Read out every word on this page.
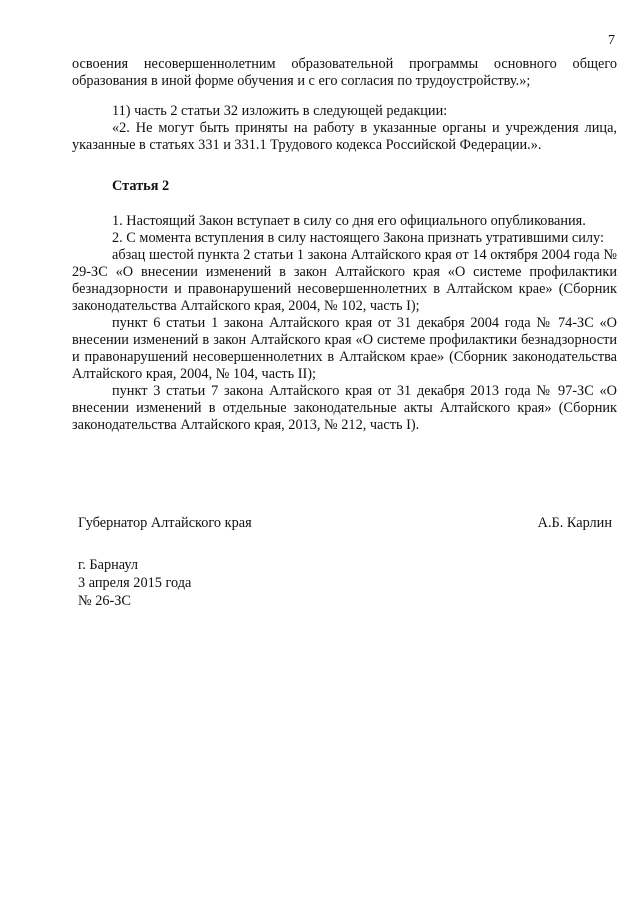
7

освоения несовершеннолетним образовательной программы основного общего образования в иной форме обучения и с его согласия по трудоустройству.»;

11) часть 2 статьи 32 изложить в следующей редакции:

«2. Не могут быть приняты на работу в указанные органы и учреждения лица, указанные в статьях 331 и 331.1 Трудового кодекса Российской Федерации.».

Статья 2

1. Настоящий Закон вступает в силу со дня его официального опубликования.

2. С момента вступления в силу настоящего Закона признать утратившими силу:

абзац шестой пункта 2 статьи 1 закона Алтайского края от 14 октября 2004 года № 29-ЗС «О внесении изменений в закон Алтайского края «О системе профилактики безнадзорности и правонарушений несовершеннолетних в Алтайском крае» (Сборник законодательства Алтайского края, 2004, № 102, часть I);

пункт 6 статьи 1 закона Алтайского края от 31 декабря 2004 года № 74-ЗС «О внесении изменений в закон Алтайского края «О системе профилактики безнадзорности и правонарушений несовершеннолетних в Алтайском крае» (Сборник законодательства Алтайского края, 2004, № 104, часть II);

пункт 3 статьи 7 закона Алтайского края от 31 декабря 2013 года № 97-ЗС «О внесении изменений в отдельные законодательные акты Алтайского края» (Сборник законодательства Алтайского края, 2013, № 212, часть I).

Губернатор Алтайского края	А.Б. Карлин
г. Барнаул
3 апреля 2015 года
№ 26-ЗС
